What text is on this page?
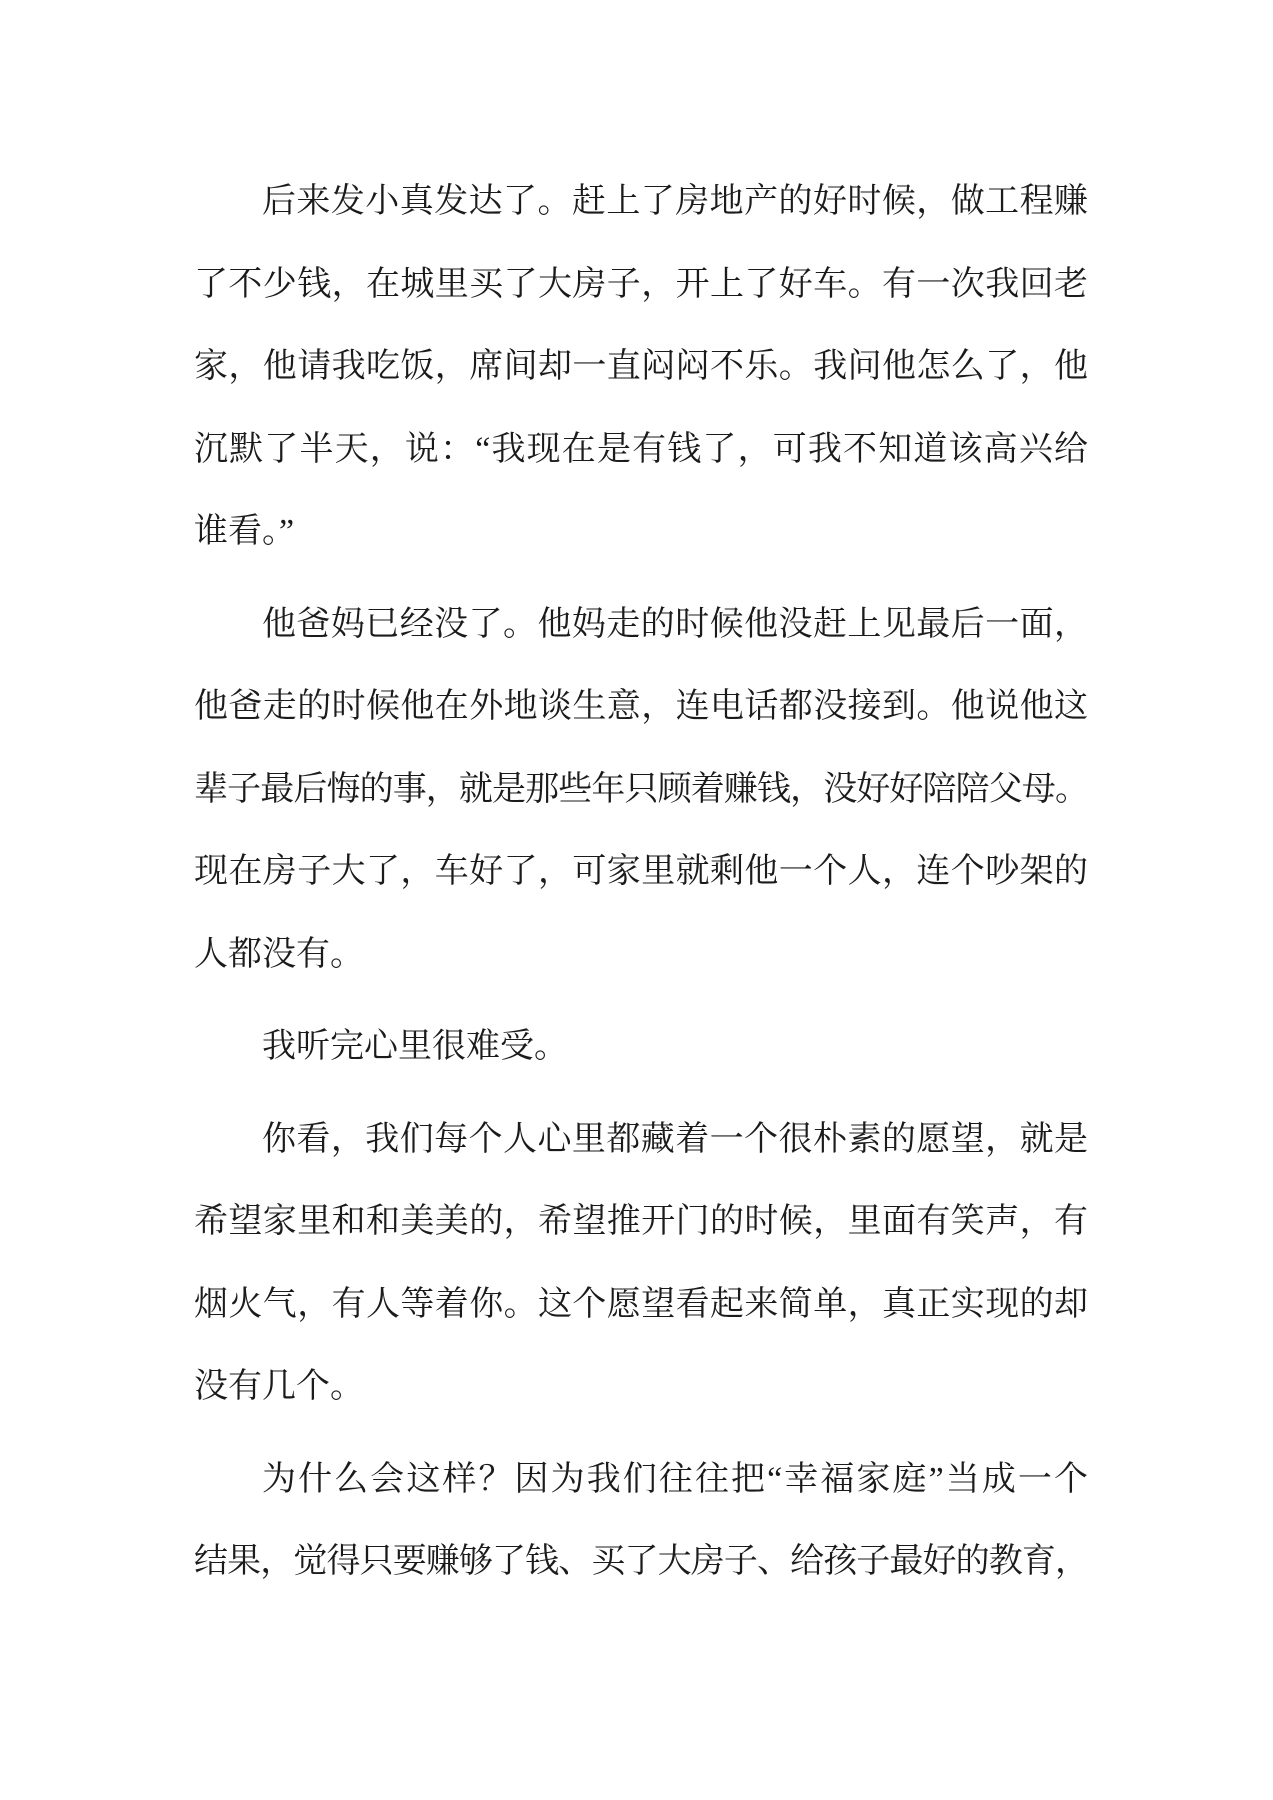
后来发小真发达了。赶上了房地产的好时候，做工程赚
了不少钱，在城里买了大房子，开上了好车。有一次我回老
家，他请我吃饭，席间却一直闷闷不乐。我问他怎么了，他
沉默了半天，说：“我现在是有钱了，可我不知道该高兴给
谁看。”

他爸妈已经没了。他妈走的时候他没赶上见最后一面，
他爸走的时候他在外地谈生意，连电话都没接到。他说他这
辈子最后悔的事，就是那些年只顾着赚钱，没好好陪陪父母。
现在房子大了，车好了，可家里就剩他一个人，连个吵架的
人都没有。

我听完心里很难受。

你看，我们每个人心里都藏着一个很朴素的愿望，就是
希望家里和和美美的，希望推开门的时候，里面有笑声，有
烟火气，有人等着你。这个愿望看起来简单，真正实现的却
没有几个。

为什么会这样？因为我们往往把“幸福家庭”当成一个
结果，觉得只要赚够了钱、买了大房子、给孩子最好的教育，
